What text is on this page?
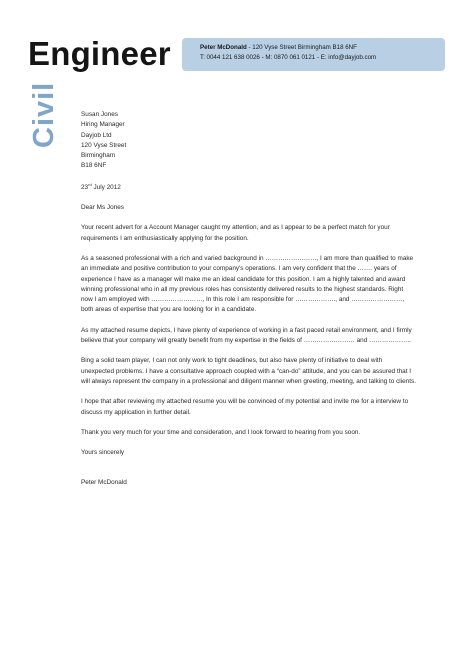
Engineer
Civil
Peter McDonald - 120 Vyse Street Birmingham B18 6NF
T: 0044 121 638 0026 - M: 0870 061 0121 - E: info@dayjob.com
Susan Jones
Hiring Manager
Dayjob Ltd
120 Vyse Street
Birmingham
B18 6NF
23rd July 2012

Dear Ms Jones

Your recent advert for a Account Manager caught my attention, and as I appear to be a perfect match for your requirements I am enthusiastically applying for the position.

As a seasoned professional with a rich and varied background in ……………………, I am more than qualified to make an immediate and positive contribution to your company's operations. I am very confident that the ……. years of experience I have as a manager will make me an ideal candidate for this position. I am a highly talented and award winning professional who in all my previous roles has consistently delivered results to the highest standards. Right now I am employed with ……………………, In this role I am responsible for ………………., and ……………………, both areas of expertise that you are looking for in a candidate.

As my attached resume depicts, I have plenty of experience of working in a fast paced retail environment, and I firmly believe that your company will greatly benefit from my expertise in the fields of …………………… and ………………..

Bing a solid team player, I can not only work to tight deadlines, but also have plenty of initiative to deal with unexpected problems. I have a consultative approach coupled with a “can-do” attitude, and you can be assured that I will always represent the company in a professional and diligent manner when greeting, meeting, and talking to clients.

I hope that after reviewing my attached resume you will be convinced of my potential and invite me for a interview to discuss my application in further detail.

Thank you very much for your time and consideration, and I look forward to hearing from you soon.

Yours sincerely

Peter McDonald
